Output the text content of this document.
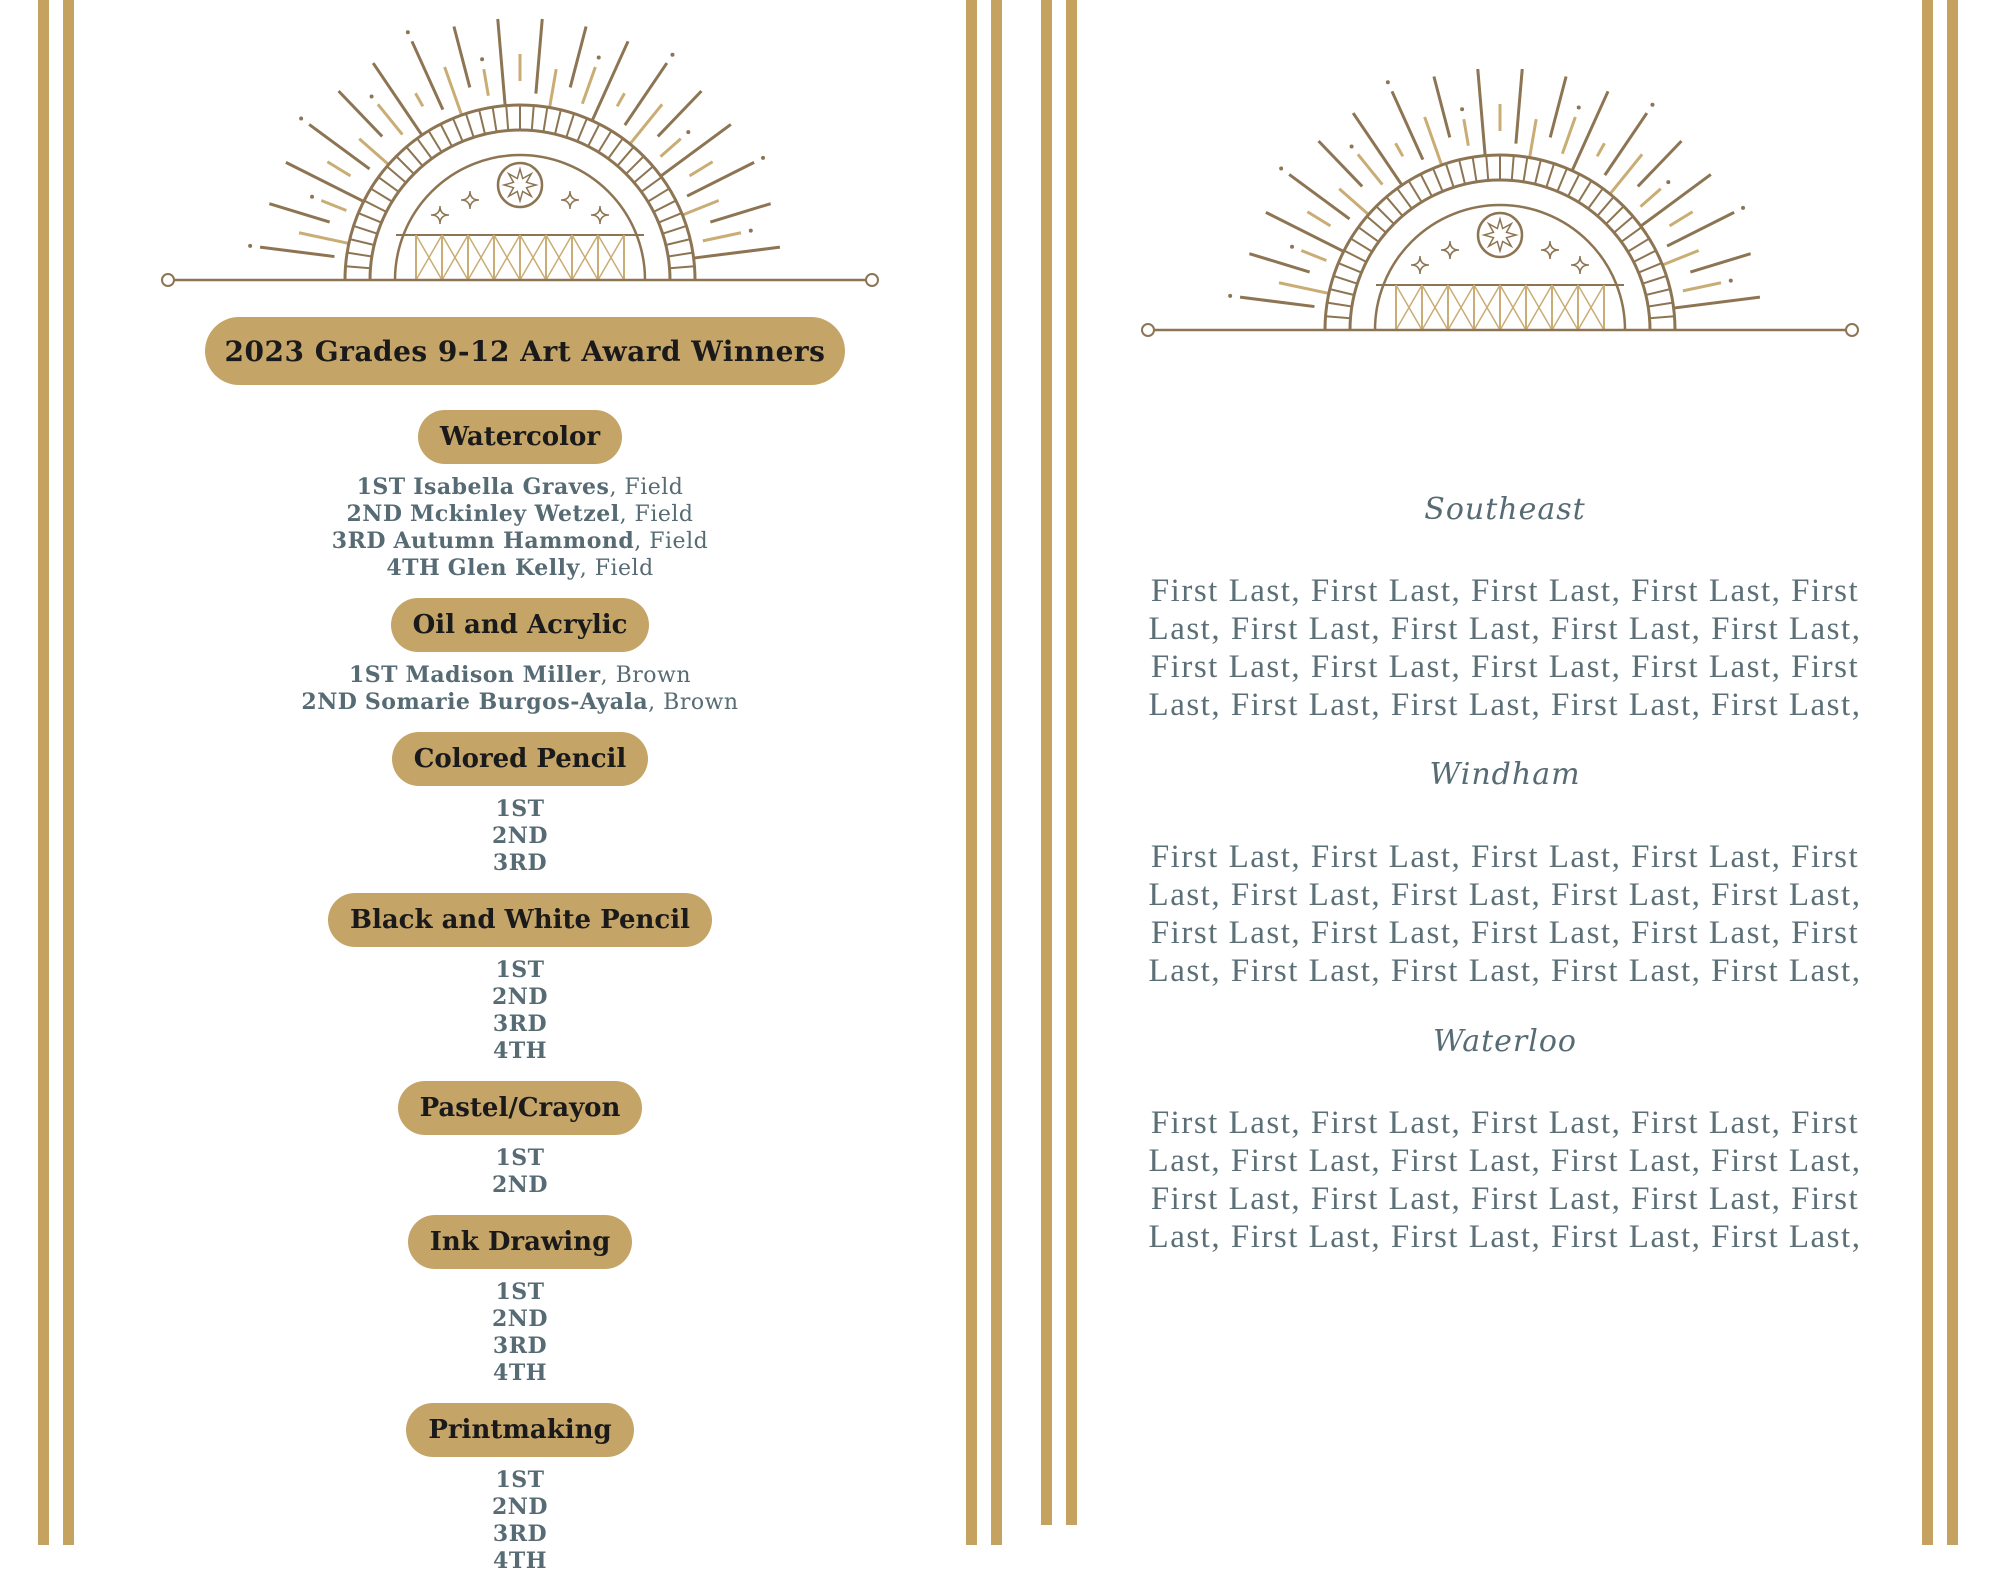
2023 Grades 9-12 Art Award Winners
Watercolor
1ST Isabella Graves, Field
2ND Mckinley Wetzel, Field
3RD Autumn Hammond, Field
4TH Glen Kelly, Field
Oil and Acrylic
1ST Madison Miller, Brown
2ND Somarie Burgos-Ayala, Brown
Colored Pencil
1ST
2ND
3RD
Black and White Pencil
1ST
2ND
3RD
4TH
Pastel/Crayon
1ST
2ND
Ink Drawing
1ST
2ND
3RD
4TH
Printmaking
1ST
2ND
3RD
4TH
Southeast
First Last, First Last, First Last, First Last, First Last, First Last, First Last, First Last, First Last, First Last, First Last, First Last, First Last, First Last, First Last, First Last, First Last, First Last,
Windham
First Last, First Last, First Last, First Last, First Last, First Last, First Last, First Last, First Last, First Last, First Last, First Last, First Last, First Last, First Last, First Last, First Last, First Last,
Waterloo
First Last, First Last, First Last, First Last, First Last, First Last, First Last, First Last, First Last, First Last, First Last, First Last, First Last, First Last, First Last, First Last, First Last, First Last,
